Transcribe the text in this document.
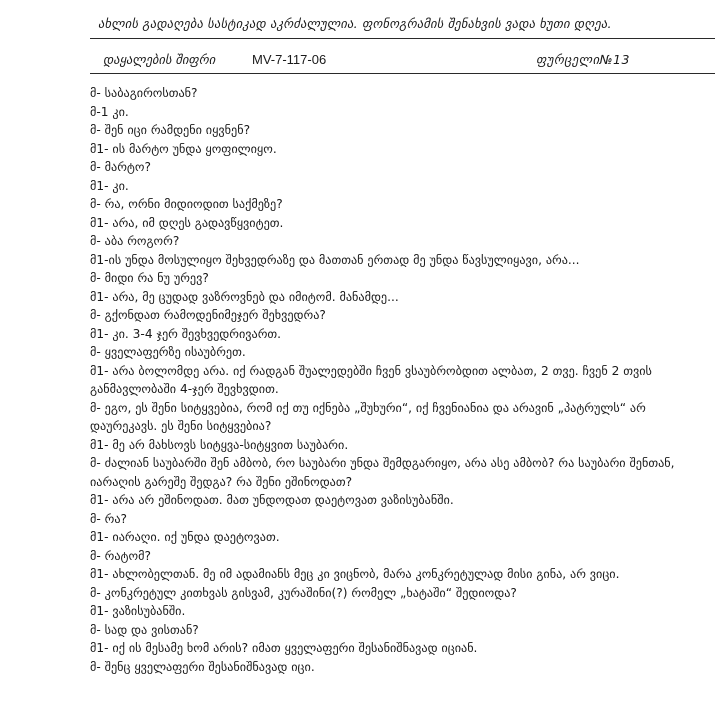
ახლის გადაღება სასტიკად აკრძალულია. ფონოგრამის შენახვის ვადა ხუთი დღეა.
დაყალების შიფრი	MV-7-117-06	ფურცელი№13
მ- საბაგიროსთან?
მ-1 კი.
მ- შენ იცი რამდენი იყვნენ?
მ1- ის მარტო უნდა ყოფილიყო.
მ- მარტო?
მ1- კი.
მ- რა, ორნი მიდიოდით საქმეზე?
მ1- არა, იმ დღეს გადავწყვიტეთ.
მ- აბა როგორ?
მ1-ის უნდა მოსულიყო შეხვედრაზე და მათთან ერთად მე უნდა წავსულიყავი, არა...
მ- მიდი რა ნუ ურევ?
მ1- არა, მე ცუდად ვაზროვნებ და იმიტომ. მანამდე...
მ- გქონდათ რამოდენიმეჯერ შეხვედრა?
მ1- კი. 3-4 ჯერ შევხვედრივართ.
მ- ყველაფერზე ისაუბრეთ.
მ1- არა ბოლომდე არა. იქ რადგან შუალედებში ჩვენ ვსაუბრობდით ალბათ, 2 თვე. ჩვენ 2 თვის განმავლობაში 4-ჯერ შევხვდით.
მ- ეგო, ეს შენი სიტყვებია, რომ იქ თუ იქნება „შუხური“, იქ ჩვენიანია და არავინ „პატრულს“ არ დაურეკავს. ეს შენი სიტყვებია?
მ1- მე არ მახსოვს სიტყვა-სიტყვით საუბარი.
მ- ძალიან საუბარში შენ ამბობ, რო საუბარი უნდა შემდგარიყო, არა ასე ამბობ? რა საუბარი შენთან, იარაღის გარეშე შედგა? რა შენი ეშინოდათ?
მ1- არა არ ეშინოდათ. მათ უნდოდათ დაეტოვათ ვაზისუბანში.
მ- რა?
მ1- იარაღი. იქ უნდა დაეტოვათ.
მ- რატომ?
მ1- ახლობელთან. მე იმ ადამიანს მეც კი ვიცნობ, მარა კონკრეტულად მისი გინა, არ ვიცი.
მ- კონკრეტულ კითხვას გისვამ, კურაშინი(?) რომელ „ხატაში“ შედიოდა?
მ1- ვაზისუბანში.
მ- სად და ვისთან?
მ1- იქ ის მესამე ხომ არის? იმათ ყველაფერი შესანიშნავად იციან.
მ- შენც ყველაფერი შესანიშნავად იცი.
